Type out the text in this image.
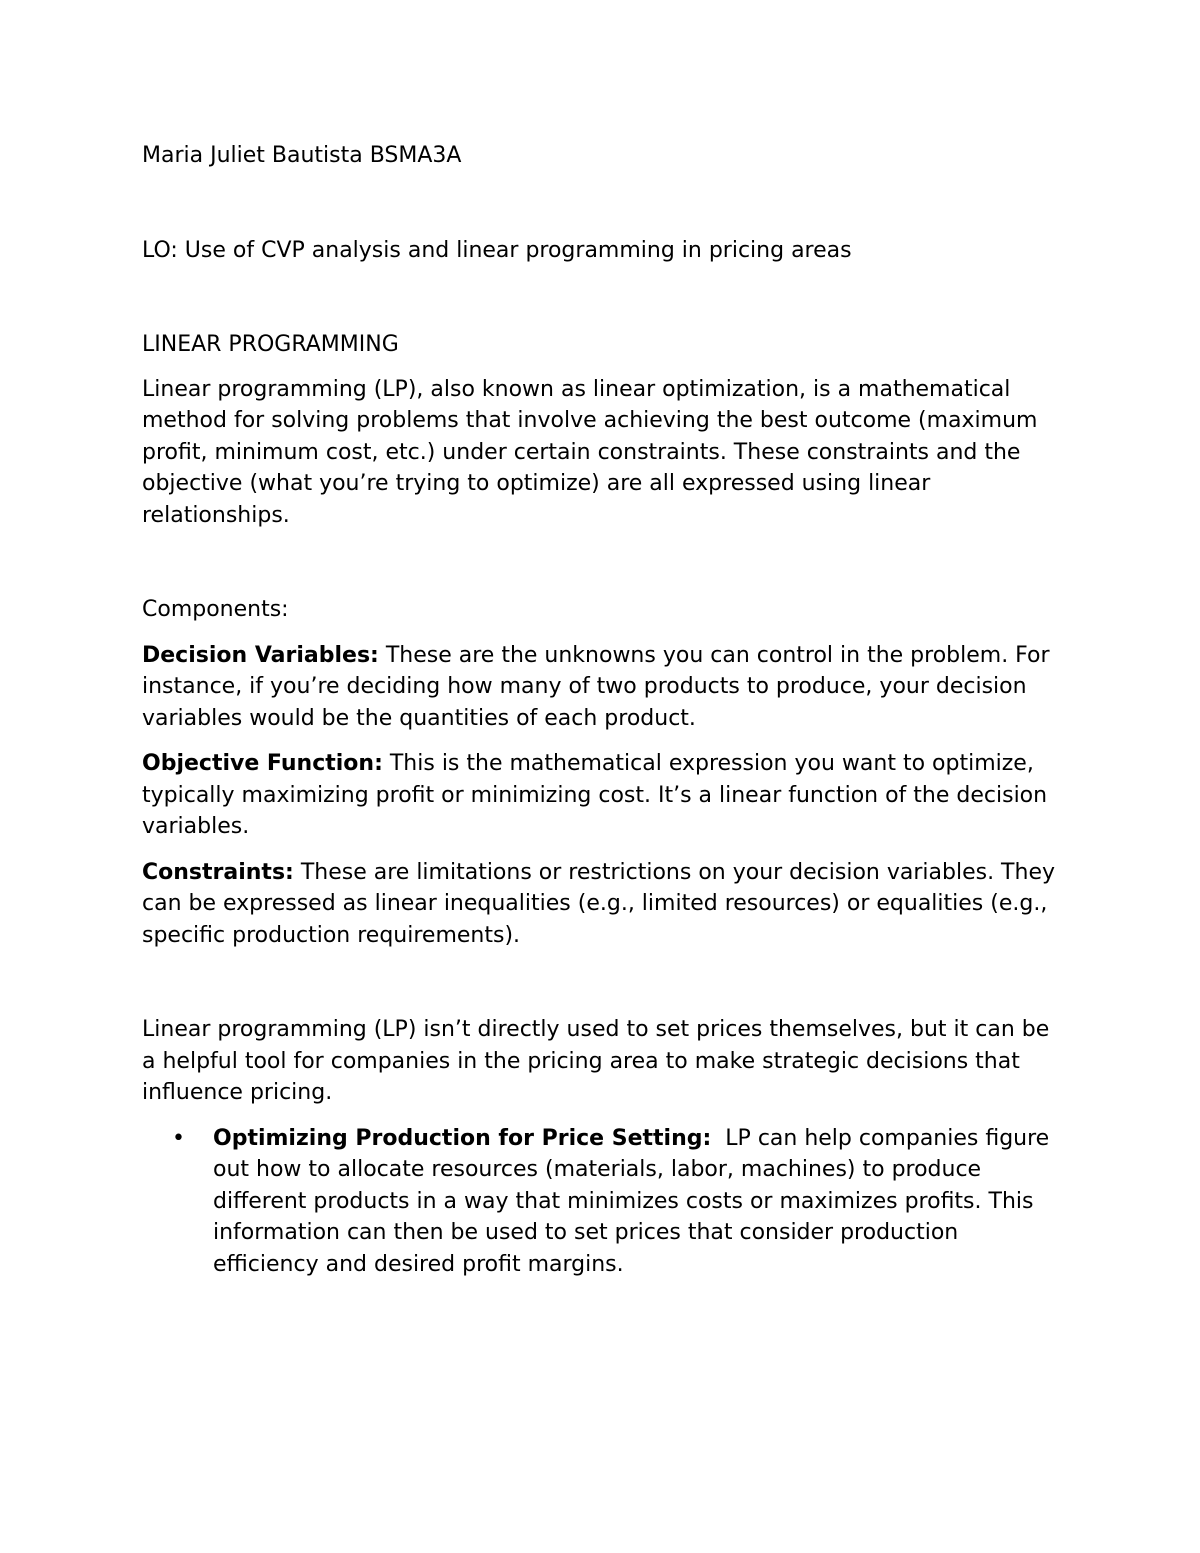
Maria Juliet Bautista BSMA3A

LO: Use of CVP analysis and linear programming in pricing areas

LINEAR PROGRAMMING

Linear programming (LP), also known as linear optimization, is a mathematical method for solving problems that involve achieving the best outcome (maximum profit, minimum cost, etc.) under certain constraints. These constraints and the objective (what you’re trying to optimize) are all expressed using linear relationships.

Components:

Decision Variables: These are the unknowns you can control in the problem. For instance, if you’re deciding how many of two products to produce, your decision variables would be the quantities of each product.

Objective Function: This is the mathematical expression you want to optimize, typically maximizing profit or minimizing cost. It’s a linear function of the decision variables.

Constraints: These are limitations or restrictions on your decision variables. They can be expressed as linear inequalities (e.g., limited resources) or equalities (e.g., specific production requirements).

Linear programming (LP) isn’t directly used to set prices themselves, but it can be a helpful tool for companies in the pricing area to make strategic decisions that influence pricing.

• Optimizing Production for Price Setting:  LP can help companies figure out how to allocate resources (materials, labor, machines) to produce different products in a way that minimizes costs or maximizes profits. This information can then be used to set prices that consider production efficiency and desired profit margins.
